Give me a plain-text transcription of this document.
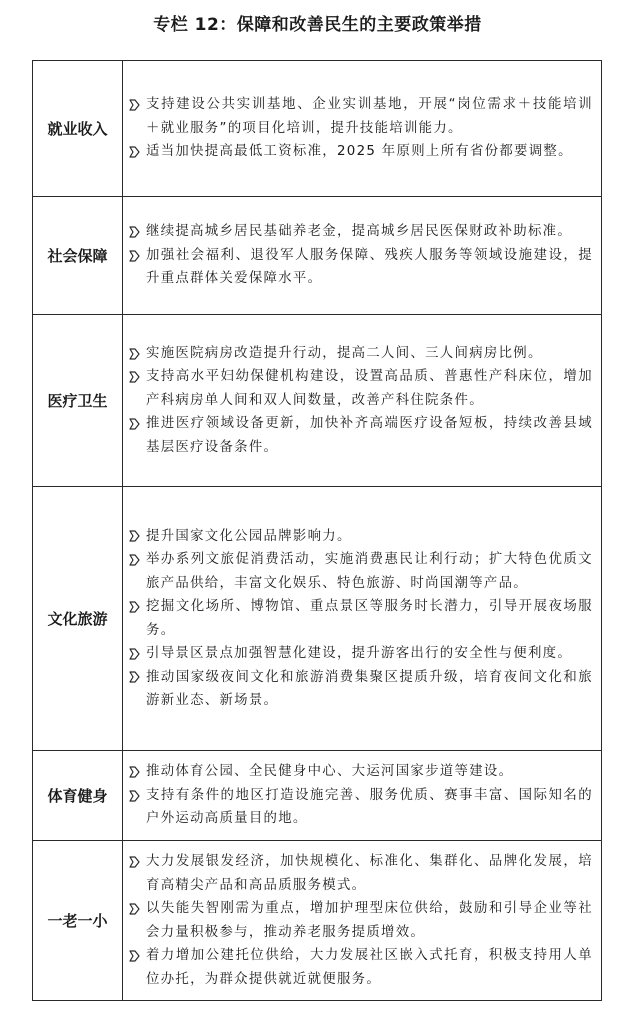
专栏 12：保障和改善民生的主要政策举措
就业收入	支持建设公共实训基地、企业实训基地，开展“岗位需求＋技能培训＋就业服务”的项目化培训，提升技能培训能力。
适当加快提高最低工资标准，2025 年原则上所有省份都要调整。

社会保障	继续提高城乡居民基础养老金，提高城乡居民医保财政补助标准。
加强社会福利、退役军人服务保障、残疾人服务等领域设施建设，提升重点群体关爱保障水平。

医疗卫生	实施医院病房改造提升行动，提高二人间、三人间病房比例。
支持高水平妇幼保健机构建设，设置高品质、普惠性产科床位，增加产科病房单人间和双人间数量，改善产科住院条件。
推进医疗领域设备更新，加快补齐高端医疗设备短板，持续改善县域基层医疗设备条件。

文化旅游	提升国家文化公园品牌影响力。
举办系列文旅促消费活动，实施消费惠民让利行动；扩大特色优质文旅产品供给，丰富文化娱乐、特色旅游、时尚国潮等产品。
挖掘文化场所、博物馆、重点景区等服务时长潜力，引导开展夜场服务。
引导景区景点加强智慧化建设，提升游客出行的安全性与便利度。
推动国家级夜间文化和旅游消费集聚区提质升级，培育夜间文化和旅游新业态、新场景。

体育健身	推动体育公园、全民健身中心、大运河国家步道等建设。
支持有条件的地区打造设施完善、服务优质、赛事丰富、国际知名的户外运动高质量目的地。

一老一小	大力发展银发经济，加快规模化、标准化、集群化、品牌化发展，培育高精尖产品和高品质服务模式。
以失能失智刚需为重点，增加护理型床位供给，鼓励和引导企业等社会力量积极参与，推动养老服务提质增效。
着力增加公建托位供给，大力发展社区嵌入式托育，积极支持用人单位办托，为群众提供就近就便服务。
